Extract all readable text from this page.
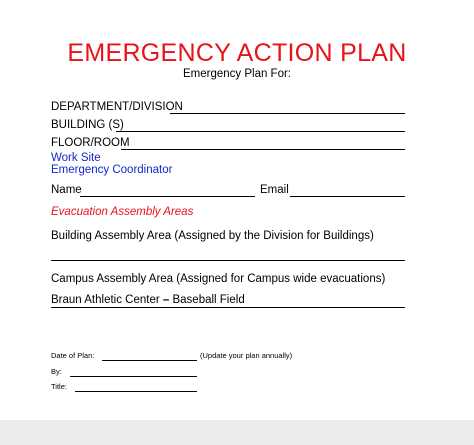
EMERGENCY ACTION PLAN
Emergency Plan For:
DEPARTMENT/DIVISION
BUILDING (S)
FLOOR/ROOM
Work Site
Emergency Coordinator
Name	Email
Evacuation Assembly Areas
Building Assembly Area (Assigned by the Division for Buildings)
Campus Assembly Area (Assigned for Campus wide evacuations)
Braun Athletic Center – Baseball Field
Date of Plan:	(Update your plan annually)
By:
Title:
